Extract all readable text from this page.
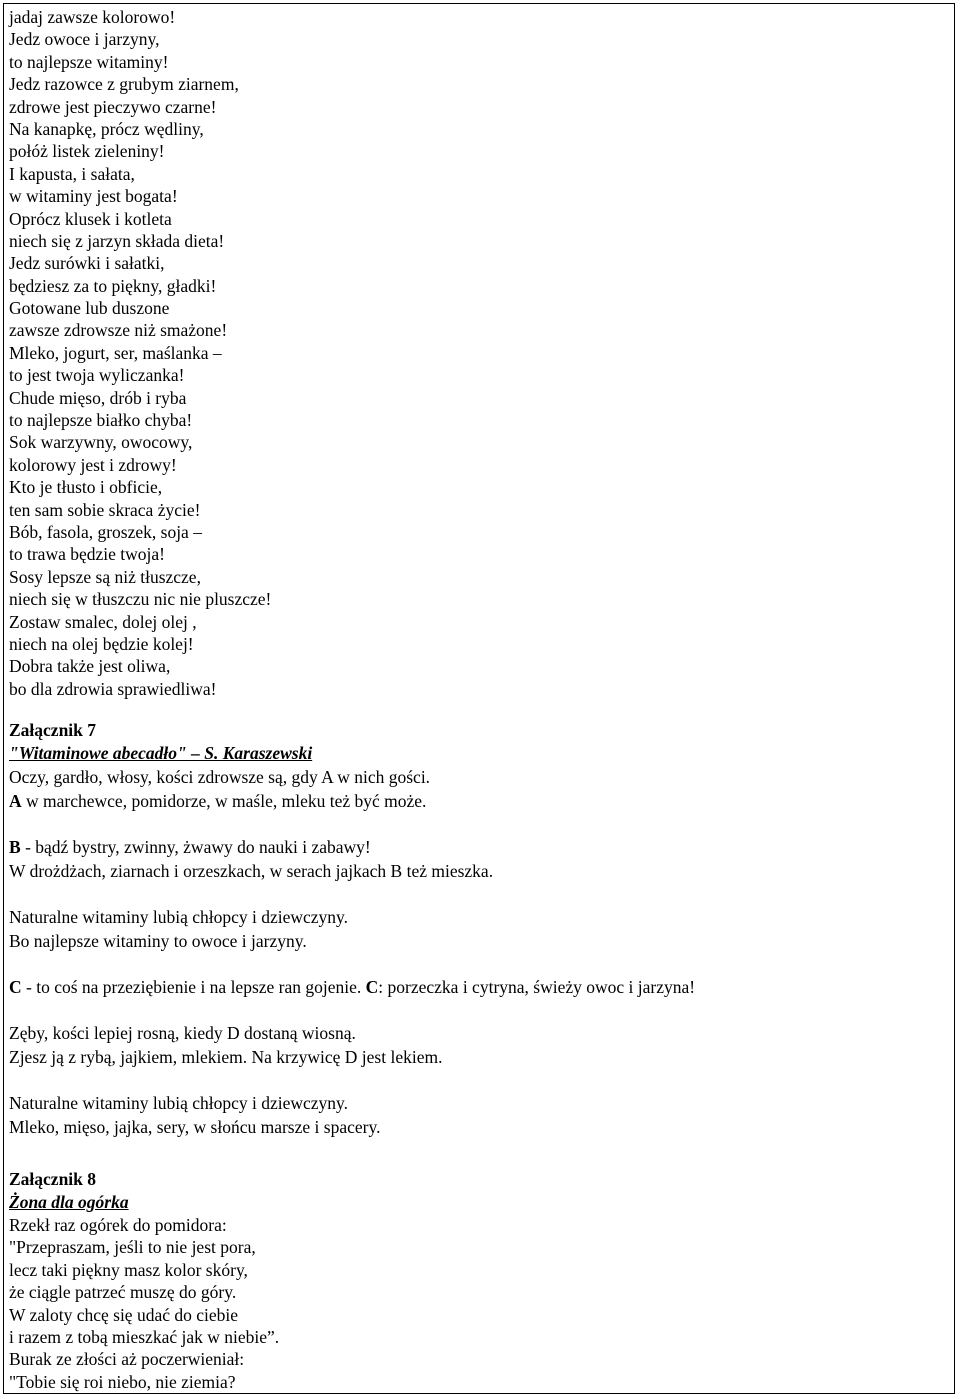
jadaj zawsze kolorowo!
Jedz owoce i jarzyny,
to najlepsze witaminy!
Jedz razowce z grubym ziarnem,
zdrowe jest pieczywo czarne!
Na kanapkę, prócz wędliny,
połóż listek zieleniny!
I kapusta, i sałata,
w witaminy jest bogata!
Oprócz klusek i kotleta
niech się z jarzyn składa dieta!
Jedz surówki i sałatki,
będziesz za to piękny, gładki!
Gotowane lub duszone
zawsze zdrowsze niż smażone!
Mleko, jogurt, ser, maślanka –
to jest twoja wyliczanka!
Chude mięso, drób i ryba
to najlepsze białko chyba!
Sok warzywny, owocowy,
kolorowy jest i zdrowy!
Kto je tłusto i obficie,
ten sam sobie skraca życie!
Bób, fasola, groszek, soja –
to trawa będzie twoja!
Sosy lepsze są niż tłuszcze,
niech się w tłuszczu nic nie pluszcze!
Zostaw smalec, dolej olej ,
niech na olej będzie kolej!
Dobra także jest oliwa,
bo dla zdrowia sprawiedliwa!
Załącznik 7
"Witaminowe abecadło" – S. Karaszewski
Oczy, gardło, włosy, kości zdrowsze są, gdy A w nich gości.
A w marchewce, pomidorze, w maśle, mleku też być może.
B - bądź bystry, zwinny, żwawy do nauki i zabawy!
W drożdżach, ziarnach i orzeszkach, w serach jajkach B też mieszka.
Naturalne witaminy lubią chłopcy i dziewczyny.
Bo najlepsze witaminy to owoce i jarzyny.
C - to coś na przeziębienie i na lepsze ran gojenie. C: porzeczka i cytryna, świeży owoc i jarzyna!
Zęby, kości lepiej rosną, kiedy D dostaną wiosną.
Zjesz ją z rybą, jajkiem, mlekiem. Na krzywicę D jest lekiem.
Naturalne witaminy lubią chłopcy i dziewczyny.
Mleko, mięso, jajka, sery, w słońcu marsze i spacery.
Załącznik 8
Żona dla ogórka
Rzekł raz ogórek do pomidora:
"Przepraszam, jeśli to nie jest pora,
lecz taki piękny masz kolor skóry,
że ciągle patrzeć muszę do góry.
W zaloty chcę się udać do ciebie
i razem z tobą mieszkać jak w niebie”.
Burak ze złości aż poczerwieniał:
"Tobie się roi niebo, nie ziemia?
